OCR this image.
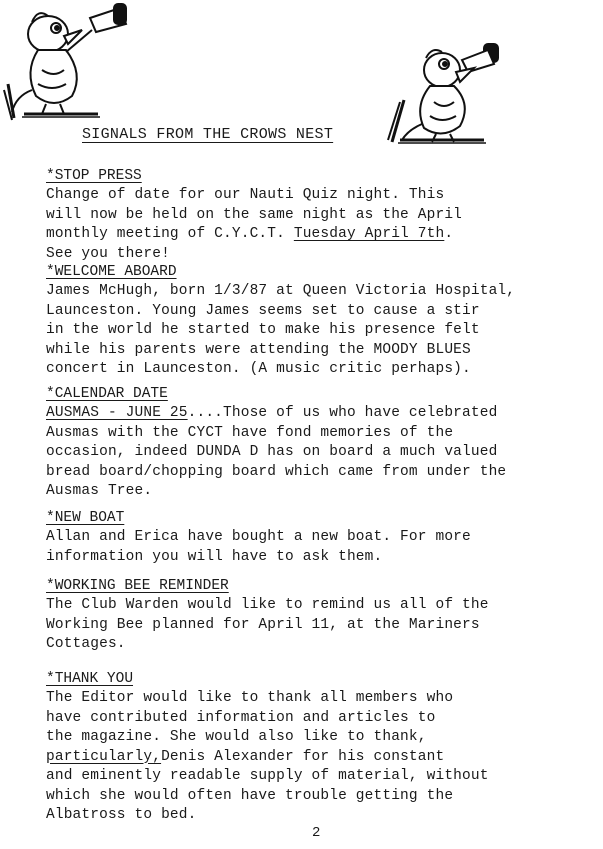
SIGNALS FROM THE CROWS NEST
*STOP PRESS
Change of date for our Nauti Quiz night. This
will now be held on the same night as the April
monthly meeting of C.Y.C.T. Tuesday April 7th.
See you there!
*WELCOME ABOARD
James McHugh, born 1/3/87 at Queen Victoria Hospital,
Launceston. Young James seems set to cause a stir
in the world he started to make his presence felt
while his parents were attending the MOODY BLUES
concert in Launceston. (A music critic perhaps).
*CALENDAR DATE
AUSMAS - JUNE 25....Those of us who have celebrated
Ausmas with the CYCT have fond memories of the
occasion, indeed DUNDA D has on board a much valued
bread board/chopping board which came from under the
Ausmas Tree.
*NEW BOAT
Allan and Erica have bought a new boat. For more
information you will have to ask them.
*WORKING BEE REMINDER
The Club Warden would like to remind us all of the
Working Bee planned for April 11, at the Mariners
Cottages.
*THANK YOU
The Editor would like to thank all members who
have contributed information and articles to
the magazine. She would also like to thank,
particularly,Denis Alexander for his constant
and eminently readable supply of material, without
which she would often have trouble getting the
Albatross to bed.
2
